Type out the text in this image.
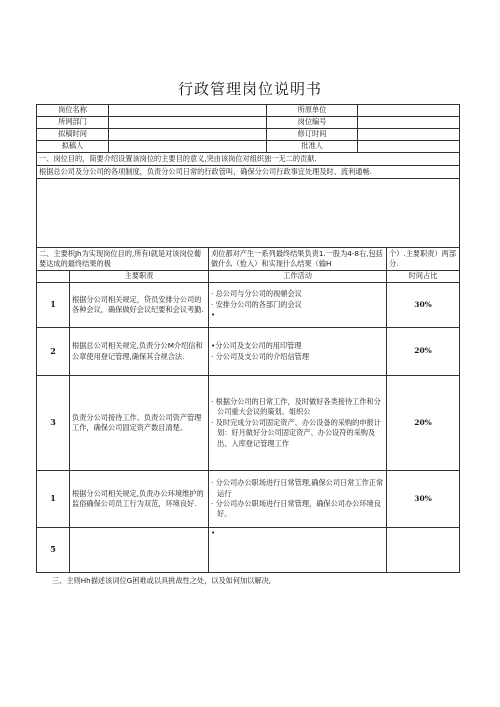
行政管理岗位说明书
岗位名称				所原单位		
所网部门				岗位编号		
拟稿时间				修订时间		
拟稿人				批准人		
一、岗位目的，简要介绍设置该岗位的主要目的意义,突由该岗位对组织独一无二的贡献.						
根据总公司及分公司的各项制度，负责分公司日常的行政管叫，确保分公司行政事宜处理及时、流利通畅.						

二、主要枳Jh为实现岗位目的,所有I就是对该岗位葡要达成的最终结果的极			刈位都对产生一系列最终结果负责1.一股为4-8右,包括做什么（怆入）和实现什么结果（输H			个）.主要职责）两部分.
	主要职责		工作活动			时间占比
1	根据分公司相关规定，贷员安排分公司的各种会议，确保做好会议纪要和会议考勤.		· 总公司与分公司的视頓会议
· 安排分公司的各部门的会议
•			30%
2	根据总公司相关规定,负责分公M介绍信和公章使用登记管理,确保其合规合法.		•分公司及支公司的用印管理
· 分公司及支公司的介绍信管理			20%
3	负责分公司接待工作、负责公司资产管理工作，确保公司固定资产数目清楚。		· 根据分公司的日常工作，及时做好各类接待工作和分公司重大会议的策划、姐织公
· 及时完成分公司固定资产、办公设备的采购的申报计划：好月做好分公司固定资产、办公设符的采购及出、入库登记管理工作			20%
1	根据分公司相关规定,负责办公环境维护的监俗确保公司员工行为双范，环境良好.		· 分公司办公职场进行日常管理,确保公司日常工作正常运行
· 分公司办公职场进行日常管理，确保公司办公环境良好。			30%
5			•			

三、主则Hh描述该词位G困难或以具挑战性之处，以及如何加以解决,
